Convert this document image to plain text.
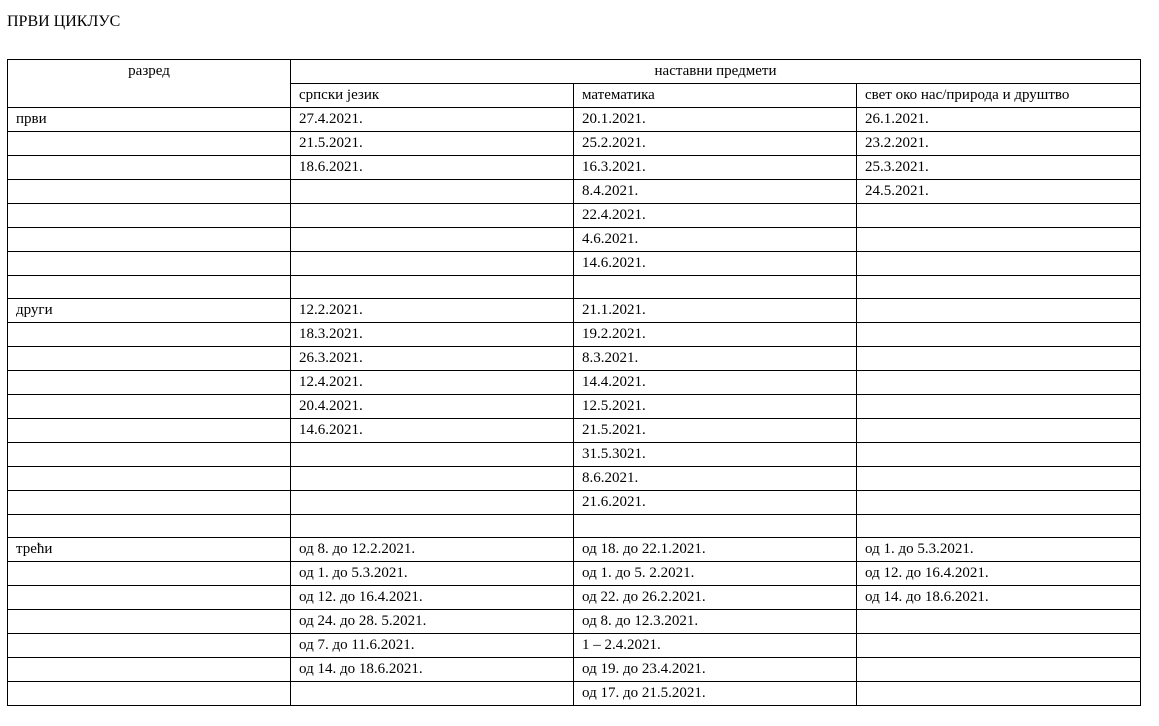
ПРВИ ЦИКЛУС
разред	наставни предмети		
	српски језик	математика	свет око нас/природа и друштво
први	27.4.2021.	20.1.2021.	26.1.2021.
	21.5.2021.	25.2.2021.	23.2.2021.
	18.6.2021.	16.3.2021.	25.3.2021.
		8.4.2021.	24.5.2021.
		22.4.2021.	
		4.6.2021.	
		14.6.2021.	

други	12.2.2021.	21.1.2021.	
	18.3.2021.	19.2.2021.	
	26.3.2021.	8.3.2021.	
	12.4.2021.	14.4.2021.	
	20.4.2021.	12.5.2021.	
	14.6.2021.	21.5.2021.	
		31.5.3021.	
		8.6.2021.	
		21.6.2021.	

трећи	од 8. до 12.2.2021.	од 18. до 22.1.2021.	од 1. до 5.3.2021.
	од 1. до 5.3.2021.	од 1. до 5. 2.2021.	од 12. до 16.4.2021.
	од 12. до 16.4.2021.	од 22. до 26.2.2021.	од 14. до 18.6.2021.
	од 24. до 28. 5.2021.	од 8. до 12.3.2021.	
	од 7. до 11.6.2021.	1 – 2.4.2021.	
	од 14. до 18.6.2021.	од 19. до 23.4.2021.	
		од 17. до 21.5.2021.	
